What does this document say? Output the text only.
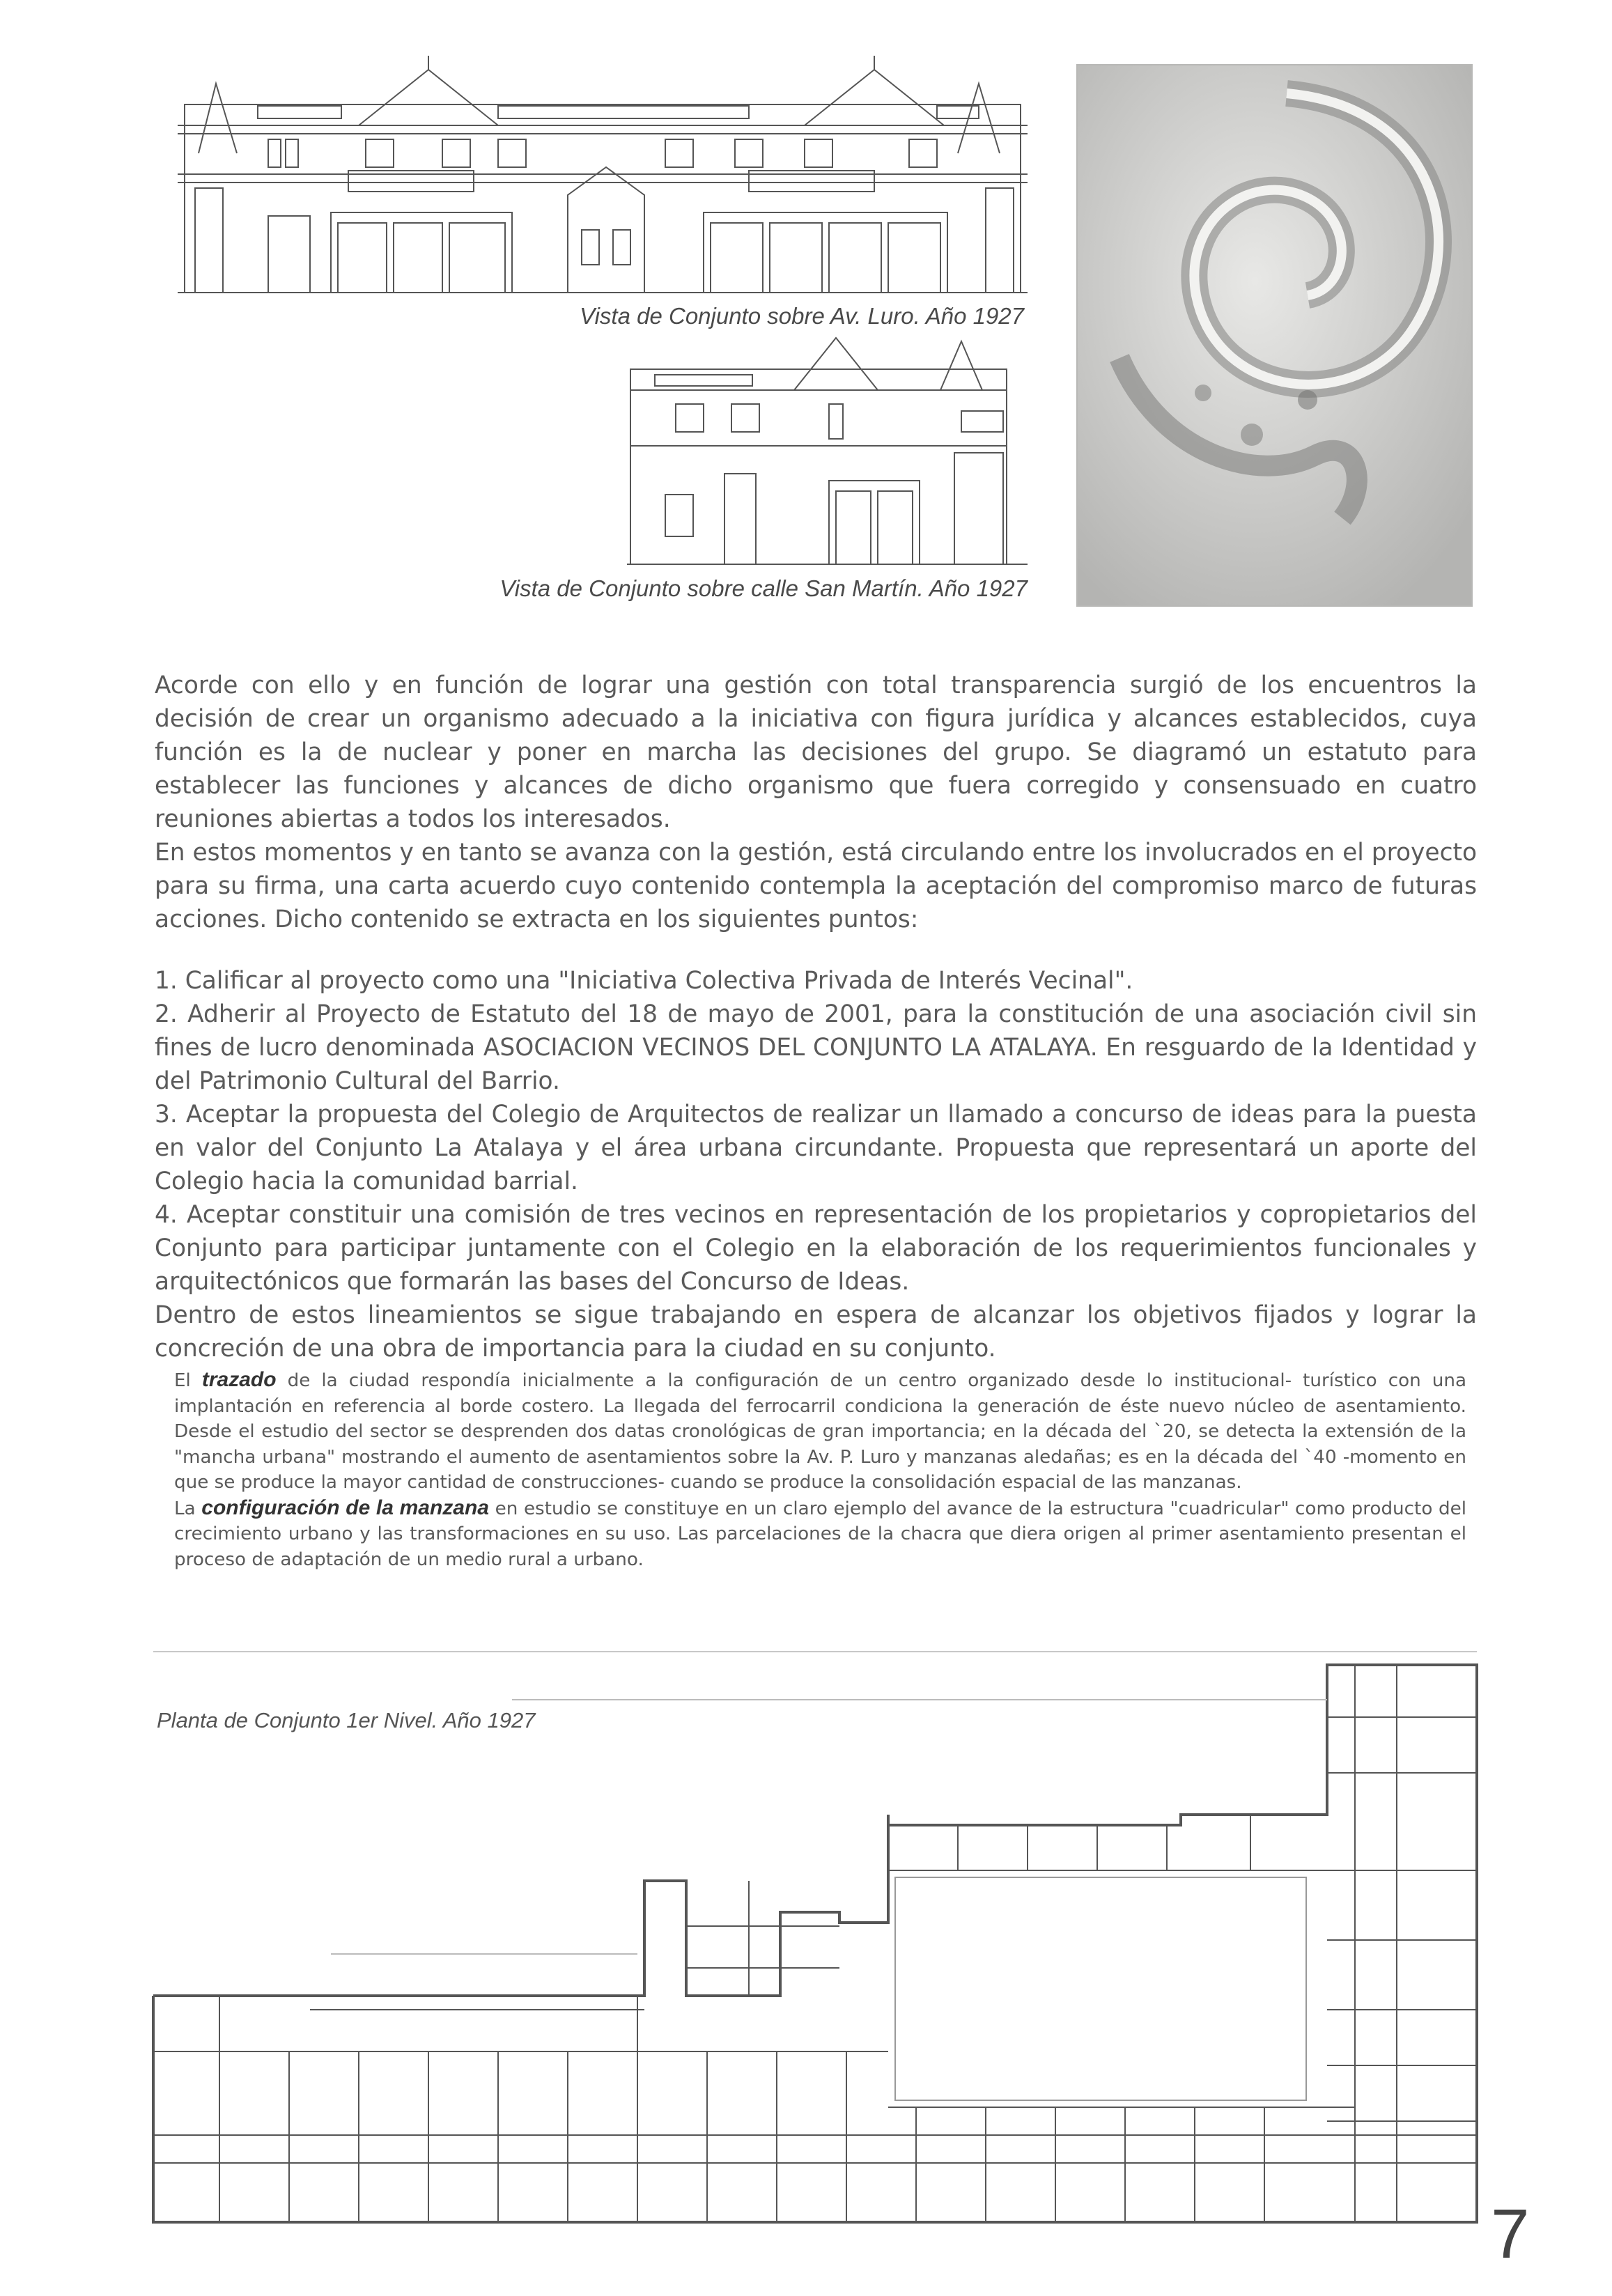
Vista de Conjunto sobre Av. Luro. Año 1927
Vista de Conjunto sobre calle San Martín. Año 1927

Acorde con ello y en función de lograr una gestión con total transparencia surgió de los encuentros la decisión de crear un organismo adecuado a la iniciativa con figura jurídica y alcances establecidos, cuya función es la de nuclear y poner en marcha las decisiones del grupo. Se diagramó un estatuto para establecer las funciones y alcances de dicho organismo que fuera corregido y consensuado en cuatro reuniones abiertas a todos los interesados.

En estos momentos y en tanto se avanza con la gestión, está circulando entre los involucrados en el proyecto para su firma, una carta acuerdo cuyo contenido contempla la aceptación del compromiso marco de futuras acciones. Dicho contenido se extracta en los siguientes puntos:

1. Calificar al proyecto como una "Iniciativa Colectiva Privada de Interés Vecinal".

2. Adherir al Proyecto de Estatuto del 18 de mayo de 2001, para la constitución de una asociación civil sin fines de lucro denominada ASOCIACION VECINOS DEL CONJUNTO LA ATALAYA. En resguardo de la Identidad y del Patrimonio Cultural del Barrio.

3. Aceptar la propuesta del Colegio de Arquitectos de realizar un llamado a concurso de ideas para la puesta en valor del Conjunto La Atalaya y el área urbana circundante. Propuesta que representará un aporte del Colegio hacia la comunidad barrial.

4. Aceptar constituir una comisión de tres vecinos en representación de los propietarios y copropietarios del Conjunto para participar juntamente con el Colegio en la elaboración de los requerimientos funcionales y arquitectónicos que formarán las bases del Concurso de Ideas.

Dentro de estos lineamientos se sigue trabajando en espera de alcanzar los objetivos fijados y lograr la concreción de una obra de importancia para la ciudad en su conjunto.

El trazado de la ciudad respondía inicialmente a la configuración de un centro organizado desde lo institucional- turístico con una implantación en referencia al borde costero. La llegada del ferrocarril condiciona la generación de éste nuevo núcleo de asentamiento. Desde el estudio del sector se desprenden dos datas cronológicas de gran importancia; en la década del `20, se detecta la extensión de la "mancha urbana" mostrando el aumento de asentamientos sobre la Av. P. Luro y manzanas aledañas; es en la década del `40 -momento en que se produce la mayor cantidad de construcciones- cuando se produce la consolidación espacial de las manzanas.

La configuración de la manzana en estudio se constituye en un claro ejemplo del avance de la estructura "cuadricular" como producto del crecimiento urbano y las transformaciones en su uso. Las parcelaciones de la chacra que diera origen al primer asentamiento presentan el proceso de adaptación de un medio rural a urbano.

Planta de Conjunto 1er Nivel. Año 1927
7
